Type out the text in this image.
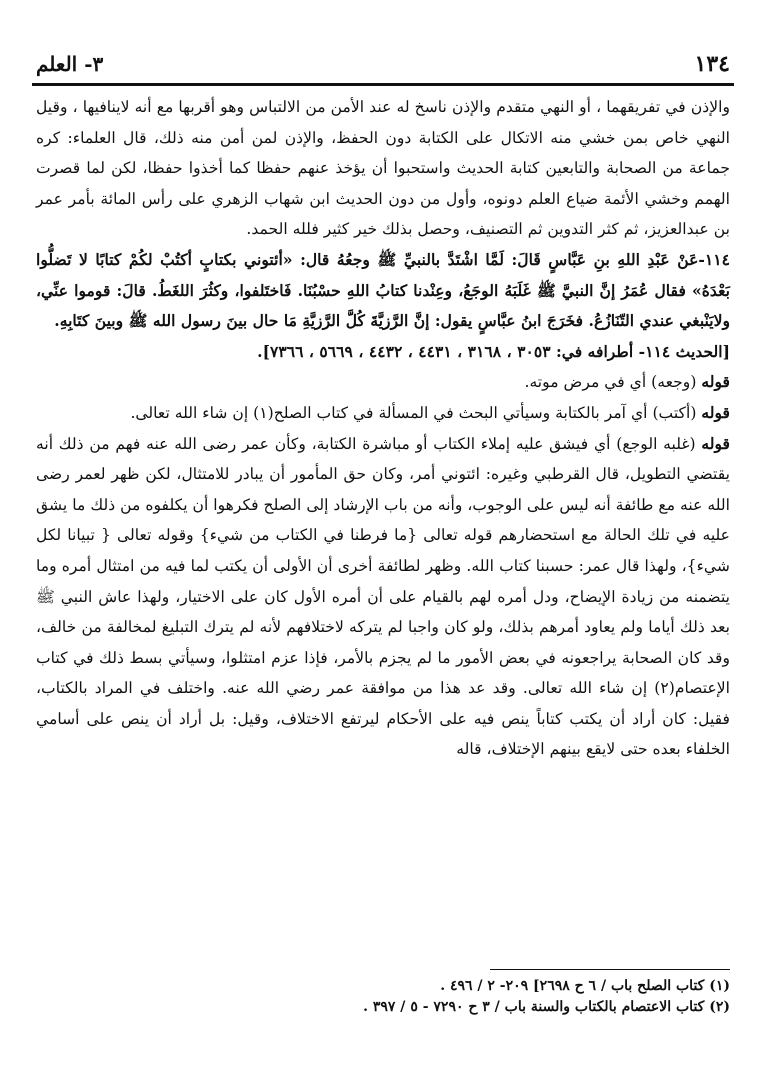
١٣٤
٣- العلم

والإذن في تفريقهما ، أو النهي متقدم والإذن ناسخ له عند الأمن من الالتباس وهو أقربها مع أنه لاينافيها ، وقيل النهي خاص بمن خشي منه الاتكال على الكتابة دون الحفظ، والإذن لمن أمن منه ذلك، قال العلماء: كره جماعة من الصحابة والتابعين كتابة الحديث واستحبوا أن يؤخذ عنهم حفظا كما أخذوا حفظا، لكن لما قصرت الهمم وخشي الأئمة ضياع العلم دونوه، وأول من دون الحديث ابن شهاب الزهري على رأس المائة بأمر عمر بن عبدالعزيز، ثم كثر التدوين ثم التصنيف، وحصل بذلك خير كثير فلله الحمد.

١١٤-عَنْ عَبْدِ اللهِ بنِ عَبَّاسٍ قَالَ: لَمَّا اشْتَدَّ بالنبيِّ ﷺ وجعُهُ قال: «أئتوني بكتابٍ أكتُبْ لكُمْ كتابًا لا تَضلُّوا بَعْدَهُ» فقال عُمَرُ إنَّ النبيَّ ﷺ غَلَبَهُ الوجَعُ، وعِنْدنا كتابُ اللهِ حسْبُنَا. فَاختَلفوا، وكثُرَ اللغَطُ. قالَ: قوموا عنِّي، ولايَنْبغي عندي التّنَازُعُ. فخَرَجَ ابنُ عبَّاسٍ يقول: إنَّ الرَّزيَّةَ كُلَّ الرَّزيَّةِ مَا حال بينَ رسول الله ﷺ وبينَ كتَابِهِ.

[الحديث ١١٤- أطرافه في: ٣٠٥٣ ، ٣١٦٨ ، ٤٤٣١ ، ٤٤٣٢ ، ٥٦٦٩ ، ٧٣٦٦].

قوله (وجعه) أي في مرض موته.

قوله (أكتب) أي آمر بالكتابة وسيأتي البحث في المسألة في كتاب الصلح(١) إن شاء الله تعالى.

قوله (غلبه الوجع) أي فيشق عليه إملاء الكتاب أو مباشرة الكتابة، وكأن عمر رضى الله عنه فهم من ذلك أنه يقتضي التطويل، قال القرطبي وغيره: ائتوني أمر، وكان حق المأمور أن يبادر للامتثال، لكن ظهر لعمر رضى الله عنه مع طائفة أنه ليس على الوجوب، وأنه من باب الإرشاد إلى الصلح فكرهوا أن يكلفوه من ذلك ما يشق عليه في تلك الحالة مع استحضارهم قوله تعالى {ما فرطنا في الكتاب من شيء} وقوله تعالى { تبيانا لكل شيء}، ولهذا قال عمر: حسبنا كتاب الله. وظهر لطائفة أخرى أن الأولى أن يكتب لما فيه من امتثال أمره وما يتضمنه من زيادة الإيضاح، ودل أمره لهم بالقيام على أن أمره الأول كان على الاختيار، ولهذا عاش النبي ﷺ بعد ذلك أياما ولم يعاود أمرهم بذلك، ولو كان واجبا لم يتركه لاختلافهم لأنه لم يترك التبليغ لمخالفة من خالف، وقد كان الصحابة يراجعونه في بعض الأمور ما لم يجزم بالأمر، فإذا عزم امتثلوا، وسيأتي بسط ذلك في كتاب الإعتصام(٢) إن شاء الله تعالى. وقد عد هذا من موافقة عمر رضي الله عنه. واختلف في المراد بالكتاب، فقيل: كان أراد أن يكتب كتاباً ينص فيه على الأحكام ليرتفع الاختلاف، وقيل: بل أراد أن ينص على أسامي الخلفاء بعده حتى لايقع بينهم الإختلاف، قاله

(١) كتاب الصلح باب / ٦ ح ٢٦٩٨] ٢٠٩- ٢ / ٤٩٦ .
(٢) كتاب الاعتصام بالكتاب والسنة باب / ٣ ح ٧٢٩٠ - ٥ / ٣٩٧ .
